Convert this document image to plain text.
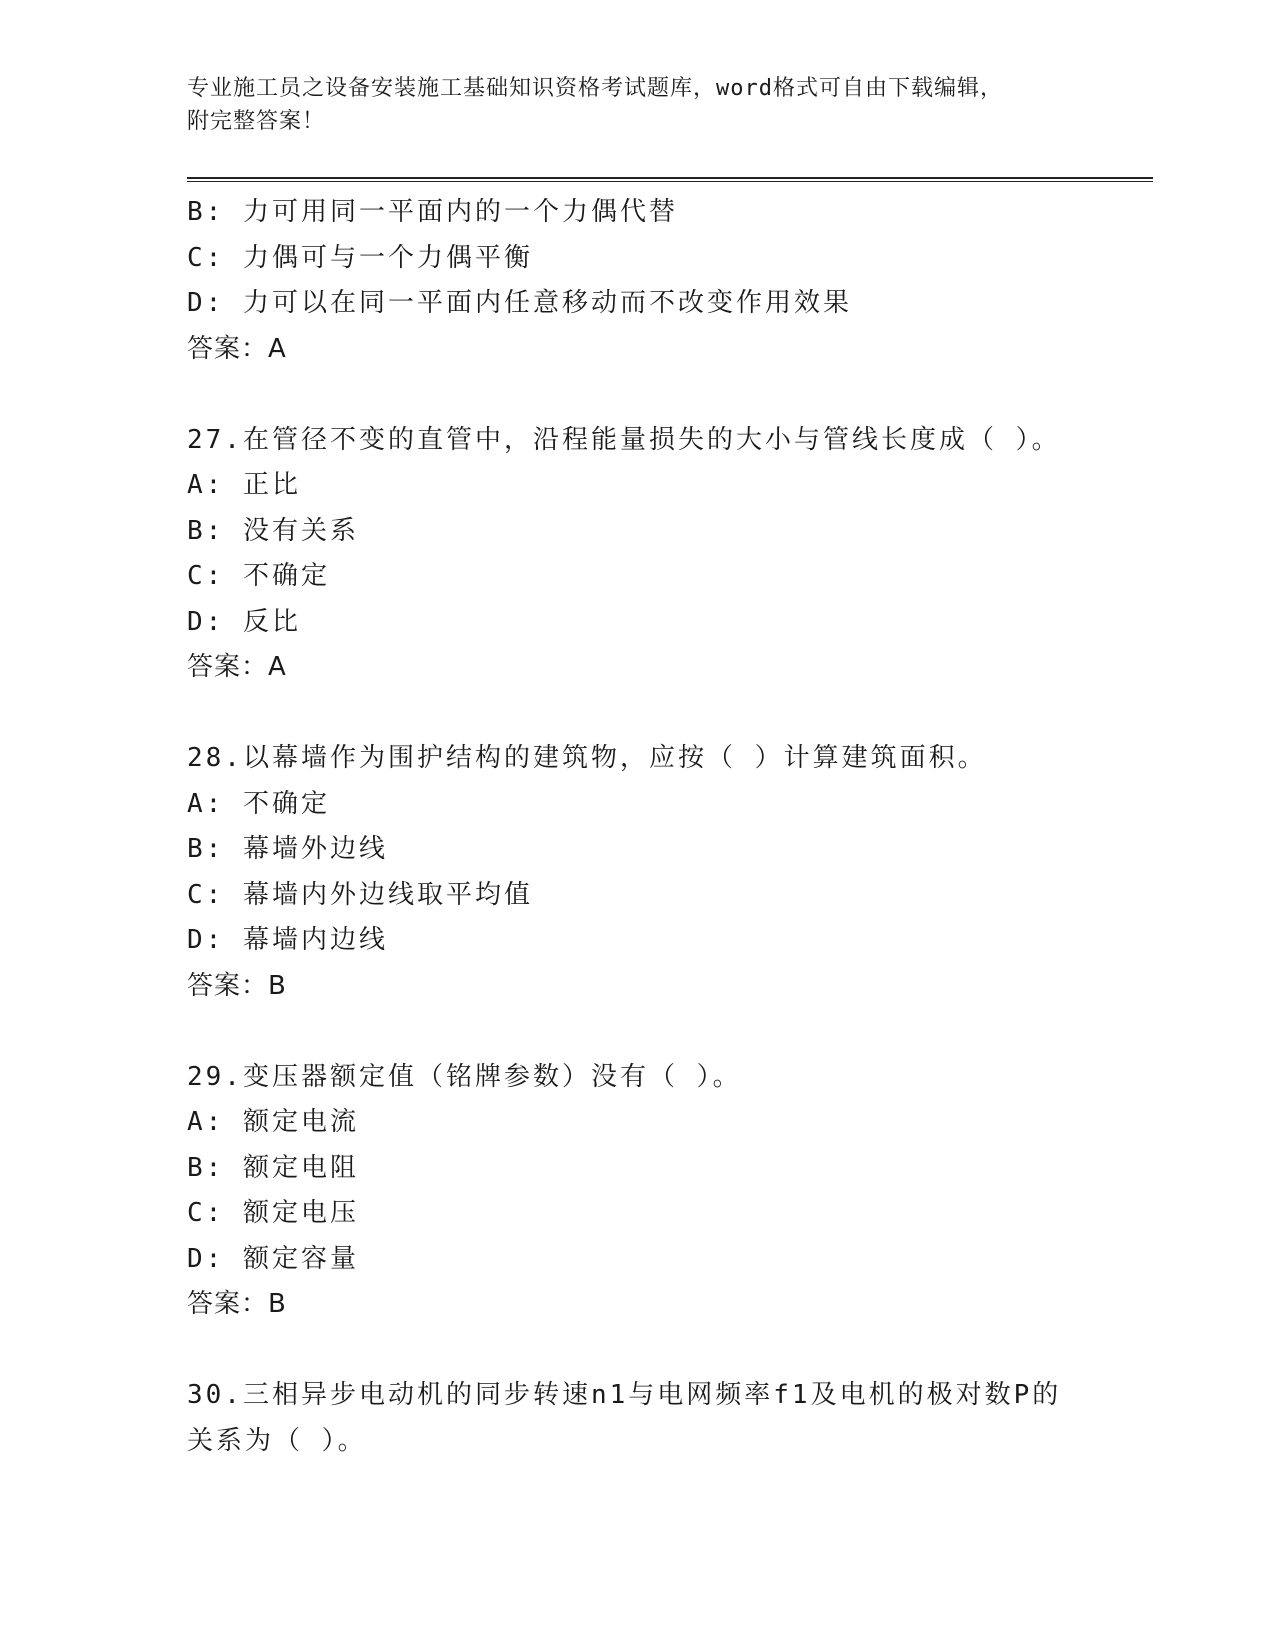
专业施工员之设备安装施工基础知识资格考试题库，word格式可自由下载编辑，
附完整答案！
B: 力可用同一平面内的一个力偶代替
C: 力偶可与一个力偶平衡
D: 力可以在同一平面内任意移动而不改变作用效果
答案：A
27.在管径不变的直管中，沿程能量损失的大小与管线长度成（ ）。
A: 正比
B: 没有关系
C: 不确定
D: 反比
答案：A
28.以幕墙作为围护结构的建筑物，应按（ ）计算建筑面积。
A: 不确定
B: 幕墙外边线
C: 幕墙内外边线取平均值
D: 幕墙内边线
答案：B
29.变压器额定值（铭牌参数）没有（ ）。
A: 额定电流
B: 额定电阻
C: 额定电压
D: 额定容量
答案：B
30.三相异步电动机的同步转速n1与电网频率f1及电机的极对数P的
关系为（ ）。
